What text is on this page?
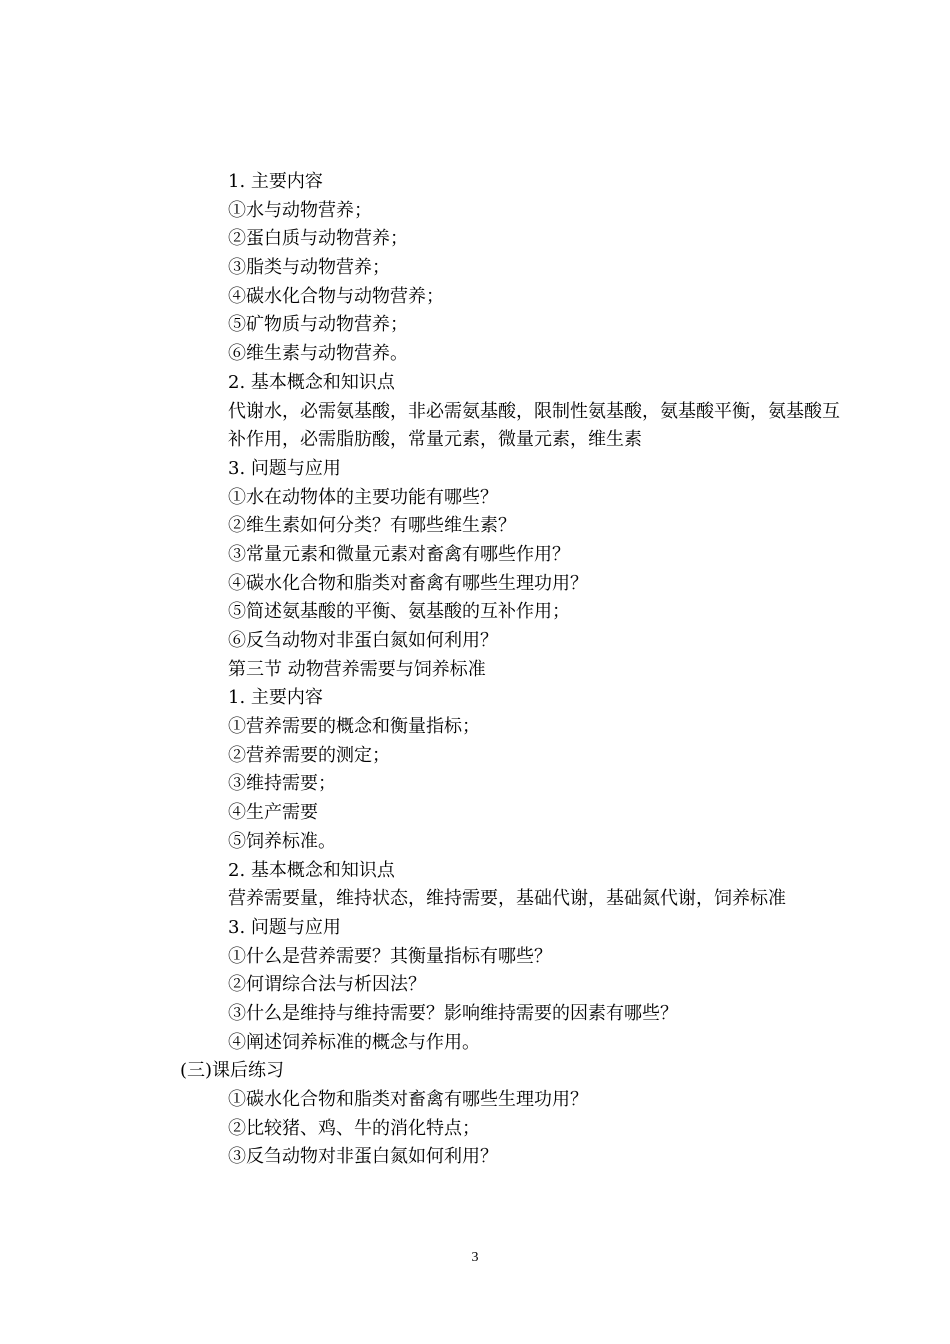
1. 主要内容
①水与动物营养；
②蛋白质与动物营养；
③脂类与动物营养；
④碳水化合物与动物营养；
⑤矿物质与动物营养；
⑥维生素与动物营养。
2. 基本概念和知识点
代谢水，必需氨基酸，非必需氨基酸，限制性氨基酸，氨基酸平衡，氨基酸互补作用，必需脂肪酸，常量元素，微量元素，维生素
3. 问题与应用
①水在动物体的主要功能有哪些？
②维生素如何分类？有哪些维生素？
③常量元素和微量元素对畜禽有哪些作用？
④碳水化合物和脂类对畜禽有哪些生理功用？
⑤简述氨基酸的平衡、氨基酸的互补作用；
⑥反刍动物对非蛋白氮如何利用？
第三节 动物营养需要与饲养标准
1. 主要内容
①营养需要的概念和衡量指标；
②营养需要的测定；
③维持需要；
④生产需要
⑤饲养标准。
2. 基本概念和知识点
营养需要量，维持状态，维持需要，基础代谢，基础氮代谢，饲养标准
3. 问题与应用
①什么是营养需要？其衡量指标有哪些？
②何谓综合法与析因法？
③什么是维持与维持需要？影响维持需要的因素有哪些？
④阐述饲养标准的概念与作用。
(三)课后练习
①碳水化合物和脂类对畜禽有哪些生理功用？
②比较猪、鸡、牛的消化特点；
③反刍动物对非蛋白氮如何利用？
3
